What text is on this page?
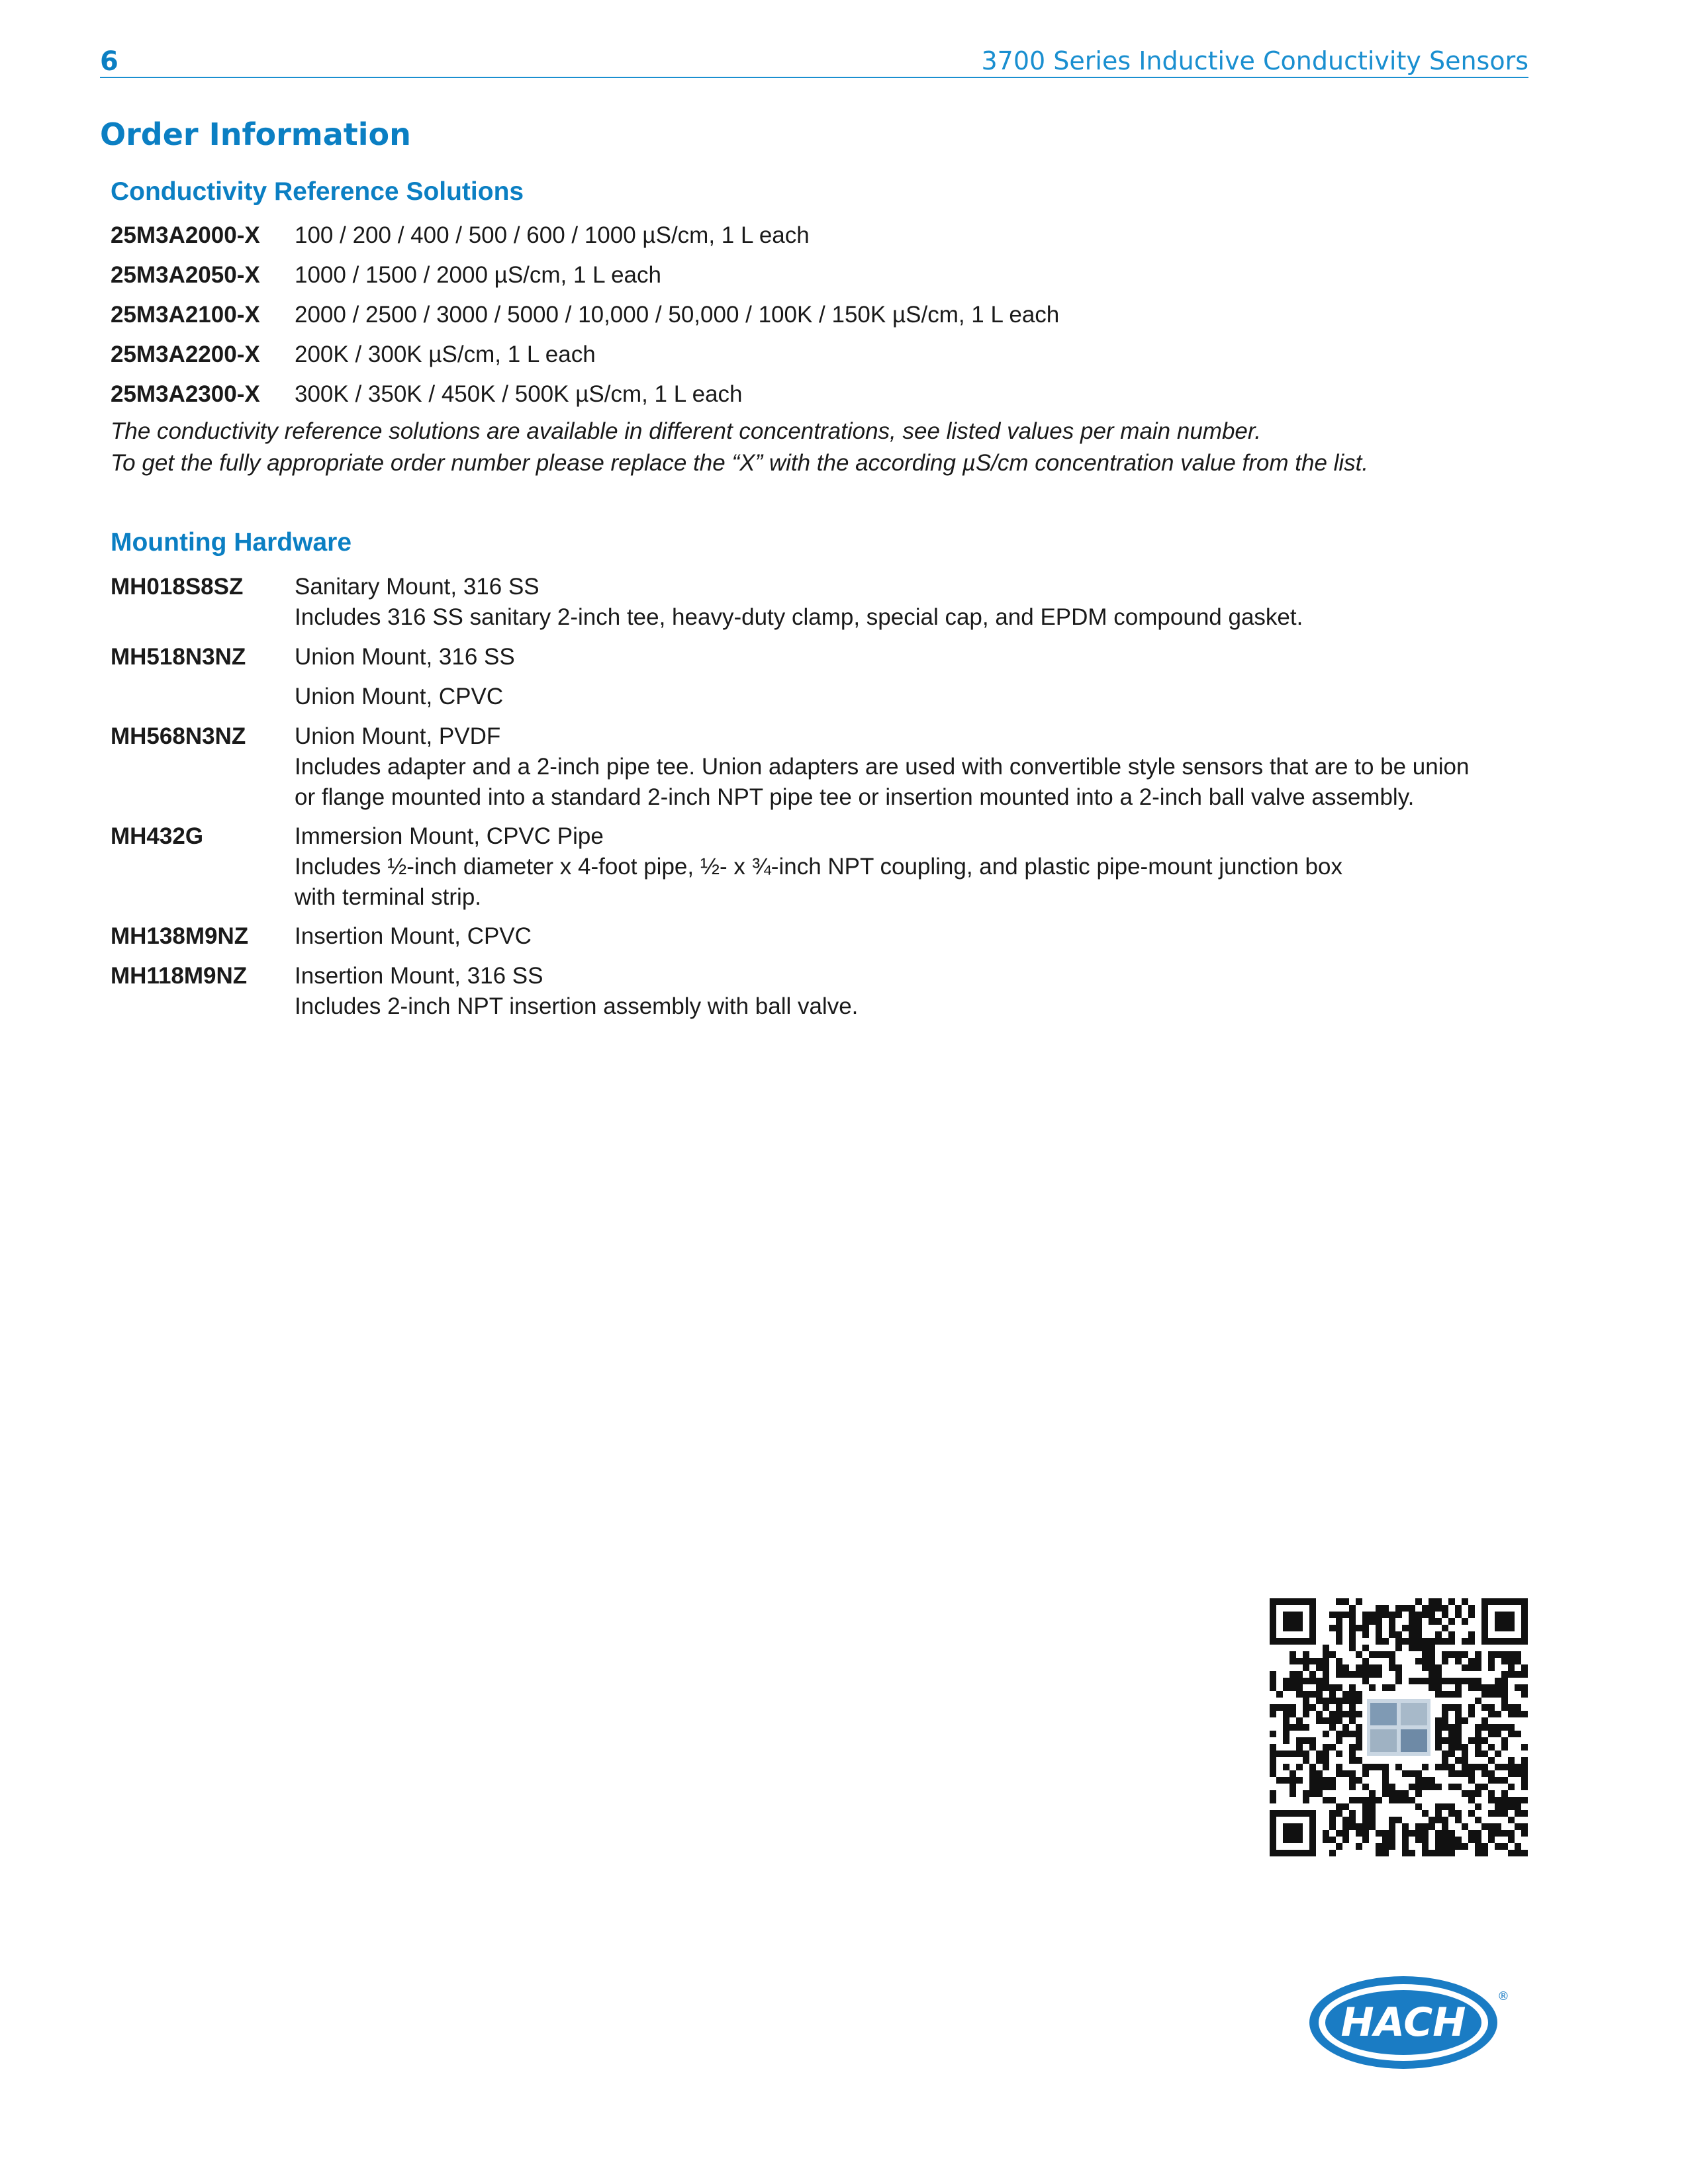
6	3700 Series Inductive Conductivity Sensors
Order Information
Conductivity Reference Solutions
25M3A2000-X 100 / 200 / 400 / 500 / 600 / 1000 µS/cm, 1 L each
25M3A2050-X 1000 / 1500 / 2000 µS/cm, 1 L each
25M3A2100-X 2000 / 2500 / 3000 / 5000 / 10,000 / 50,000 / 100K / 150K µS/cm, 1 L each
25M3A2200-X 200K / 300K µS/cm, 1 L each
25M3A2300-X 300K / 350K / 450K / 500K µS/cm, 1 L each
The conductivity reference solutions are available in different concentrations, see listed values per main number.
To get the fully appropriate order number please replace the “X” with the according µS/cm concentration value from the list.
Mounting Hardware
MH018S8SZ Sanitary Mount, 316 SS
Includes 316 SS sanitary 2-inch tee, heavy-duty clamp, special cap, and EPDM compound gasket.
MH518N3NZ Union Mount, 316 SS
Union Mount, CPVC
MH568N3NZ Union Mount, PVDF
Includes adapter and a 2-inch pipe tee. Union adapters are used with convertible style sensors that are to be union
or flange mounted into a standard 2-inch NPT pipe tee or insertion mounted into a 2-inch ball valve assembly.
MH432G	Immersion Mount, CPVC Pipe
Includes ½-inch diameter x 4-foot pipe, ½- x ¾-inch NPT coupling, and plastic pipe-mount junction box
with terminal strip.
MH138M9NZ Insertion Mount, CPVC
MH118M9NZ Insertion Mount, 316 SS
Includes 2-inch NPT insertion assembly with ball valve.
HACH
®
